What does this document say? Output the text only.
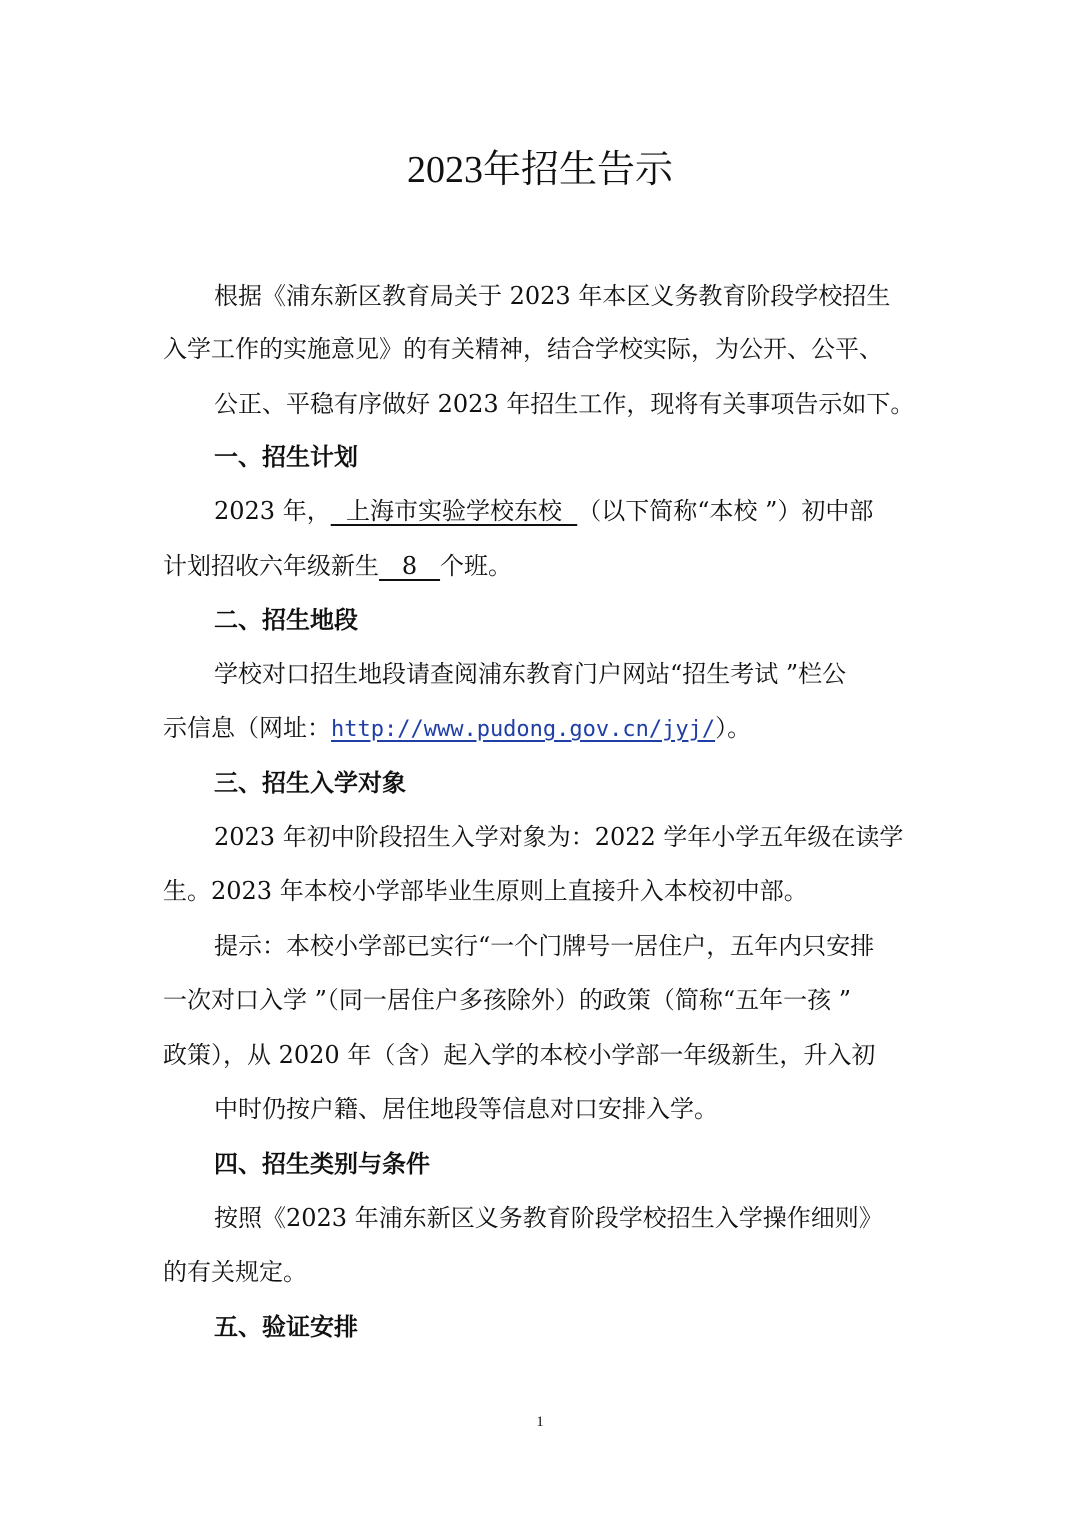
2023年招生告示
根据《浦东新区教育局关于 2023 年本区义务教育阶段学校招生
入学工作的实施意见》的有关精神，结合学校实际，为公开、公平、
公正、平稳有序做好 2023 年招生工作，现将有关事项告示如下。
一、招生计划
2023 年，  上海市实验学校东校  （以下简称“本校 ”）初中部
计划招收六年级新生   8   个班。
二、招生地段
学校对口招生地段请查阅浦东教育门户网站“招生考试 ”栏公
示信息（网址：http://www.pudong.gov.cn/jyj/）。
三、招生入学对象
2023 年初中阶段招生入学对象为：2022 学年小学五年级在读学
生。2023 年本校小学部毕业生原则上直接升入本校初中部。
提示：本校小学部已实行“一个门牌号一居住户，五年内只安排
一次对口入学 ”（同一居住户多孩除外）的政策（简称“五年一孩 ”
政策），从 2020 年（含）起入学的本校小学部一年级新生，升入初
中时仍按户籍、居住地段等信息对口安排入学。
四、招生类别与条件
按照《2023 年浦东新区义务教育阶段学校招生入学操作细则》
的有关规定。
五、验证安排
1
